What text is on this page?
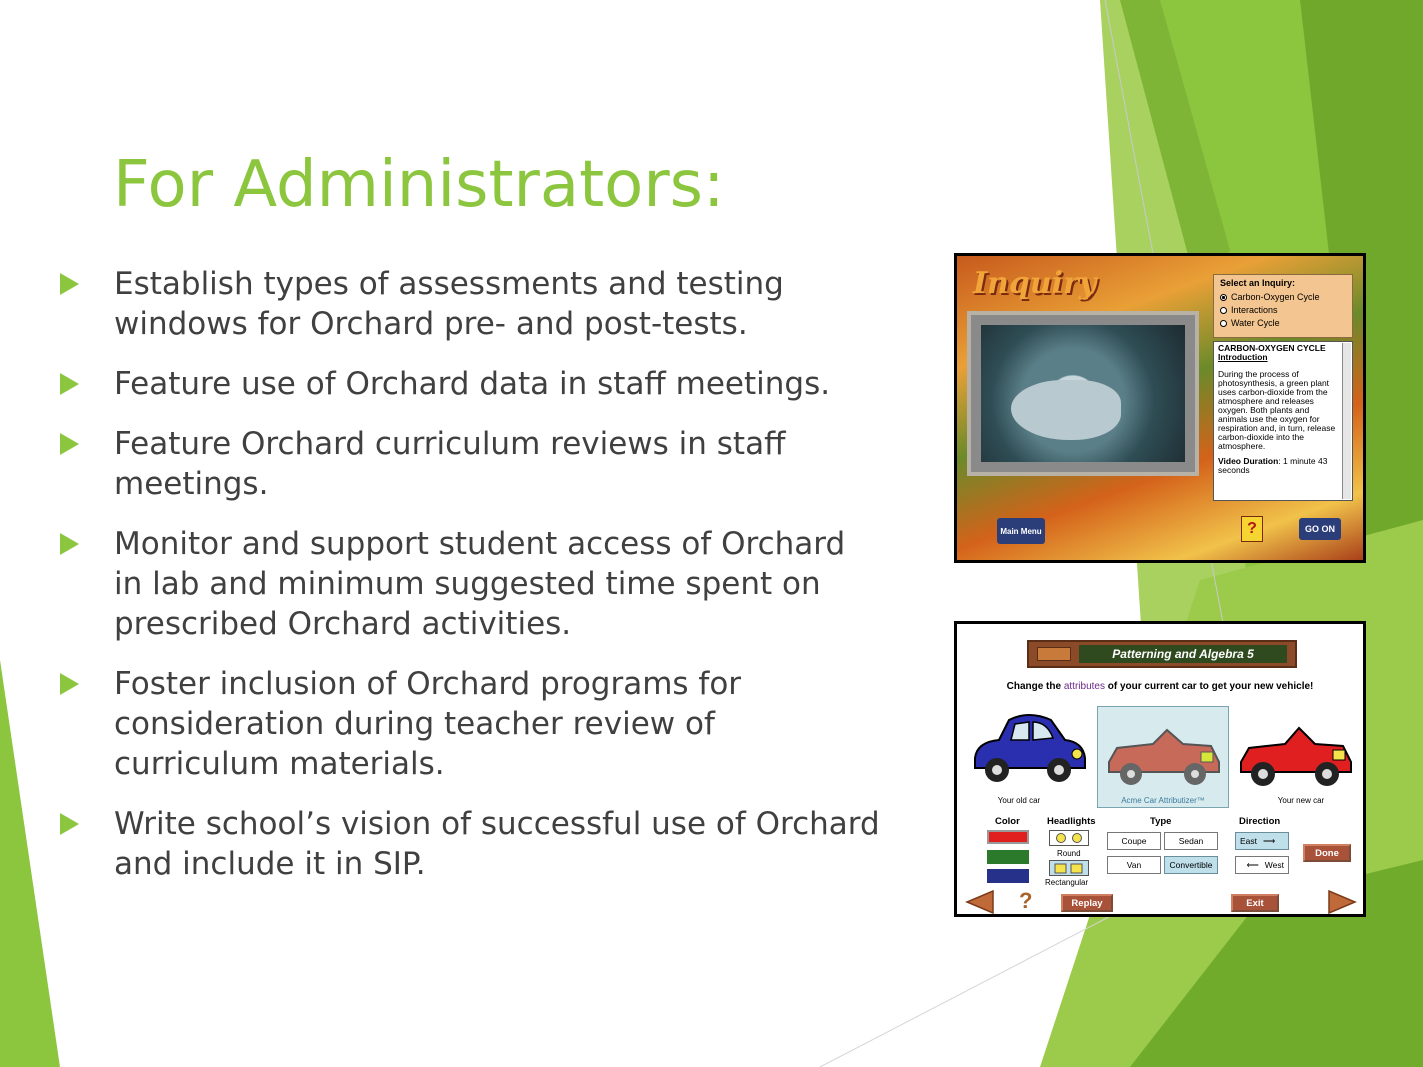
For Administrators:
Establish types of assessments and testing windows for Orchard pre- and post-tests.
Feature use of Orchard data in staff meetings.
Feature Orchard curriculum reviews in staff meetings.
Monitor and support student access of Orchard in lab and minimum suggested time spent on prescribed Orchard activities.
Foster inclusion of Orchard programs for consideration during teacher review of curriculum materials.
Write school’s vision of successful use of Orchard and include it in SIP.
Inquiry	Select an Inquiry:
Carbon-Oxygen Cycle
Interactions
Water Cycle
CARBON-OXYGEN CYCLE
Introduction
During the process of photosynthesis, a green plant uses carbon-dioxide from the atmosphere and releases oxygen. Both plants and animals use the oxygen for respiration and, in turn, release carbon-dioxide into the atmosphere.
Video Duration: 1 minute 43 seconds
Main Menu	?	GO ON
Patterning and Algebra 5
Change the attributes of your current car to get your new vehicle!
Your old car	Acme Car Attributizer™	Your new car
Color	Headlights
Round
Rectangular
Type
Coupe	Sedan
Van	Convertible
Direction
East ⟶
⟵ West
Done
?	Replay	Exit
